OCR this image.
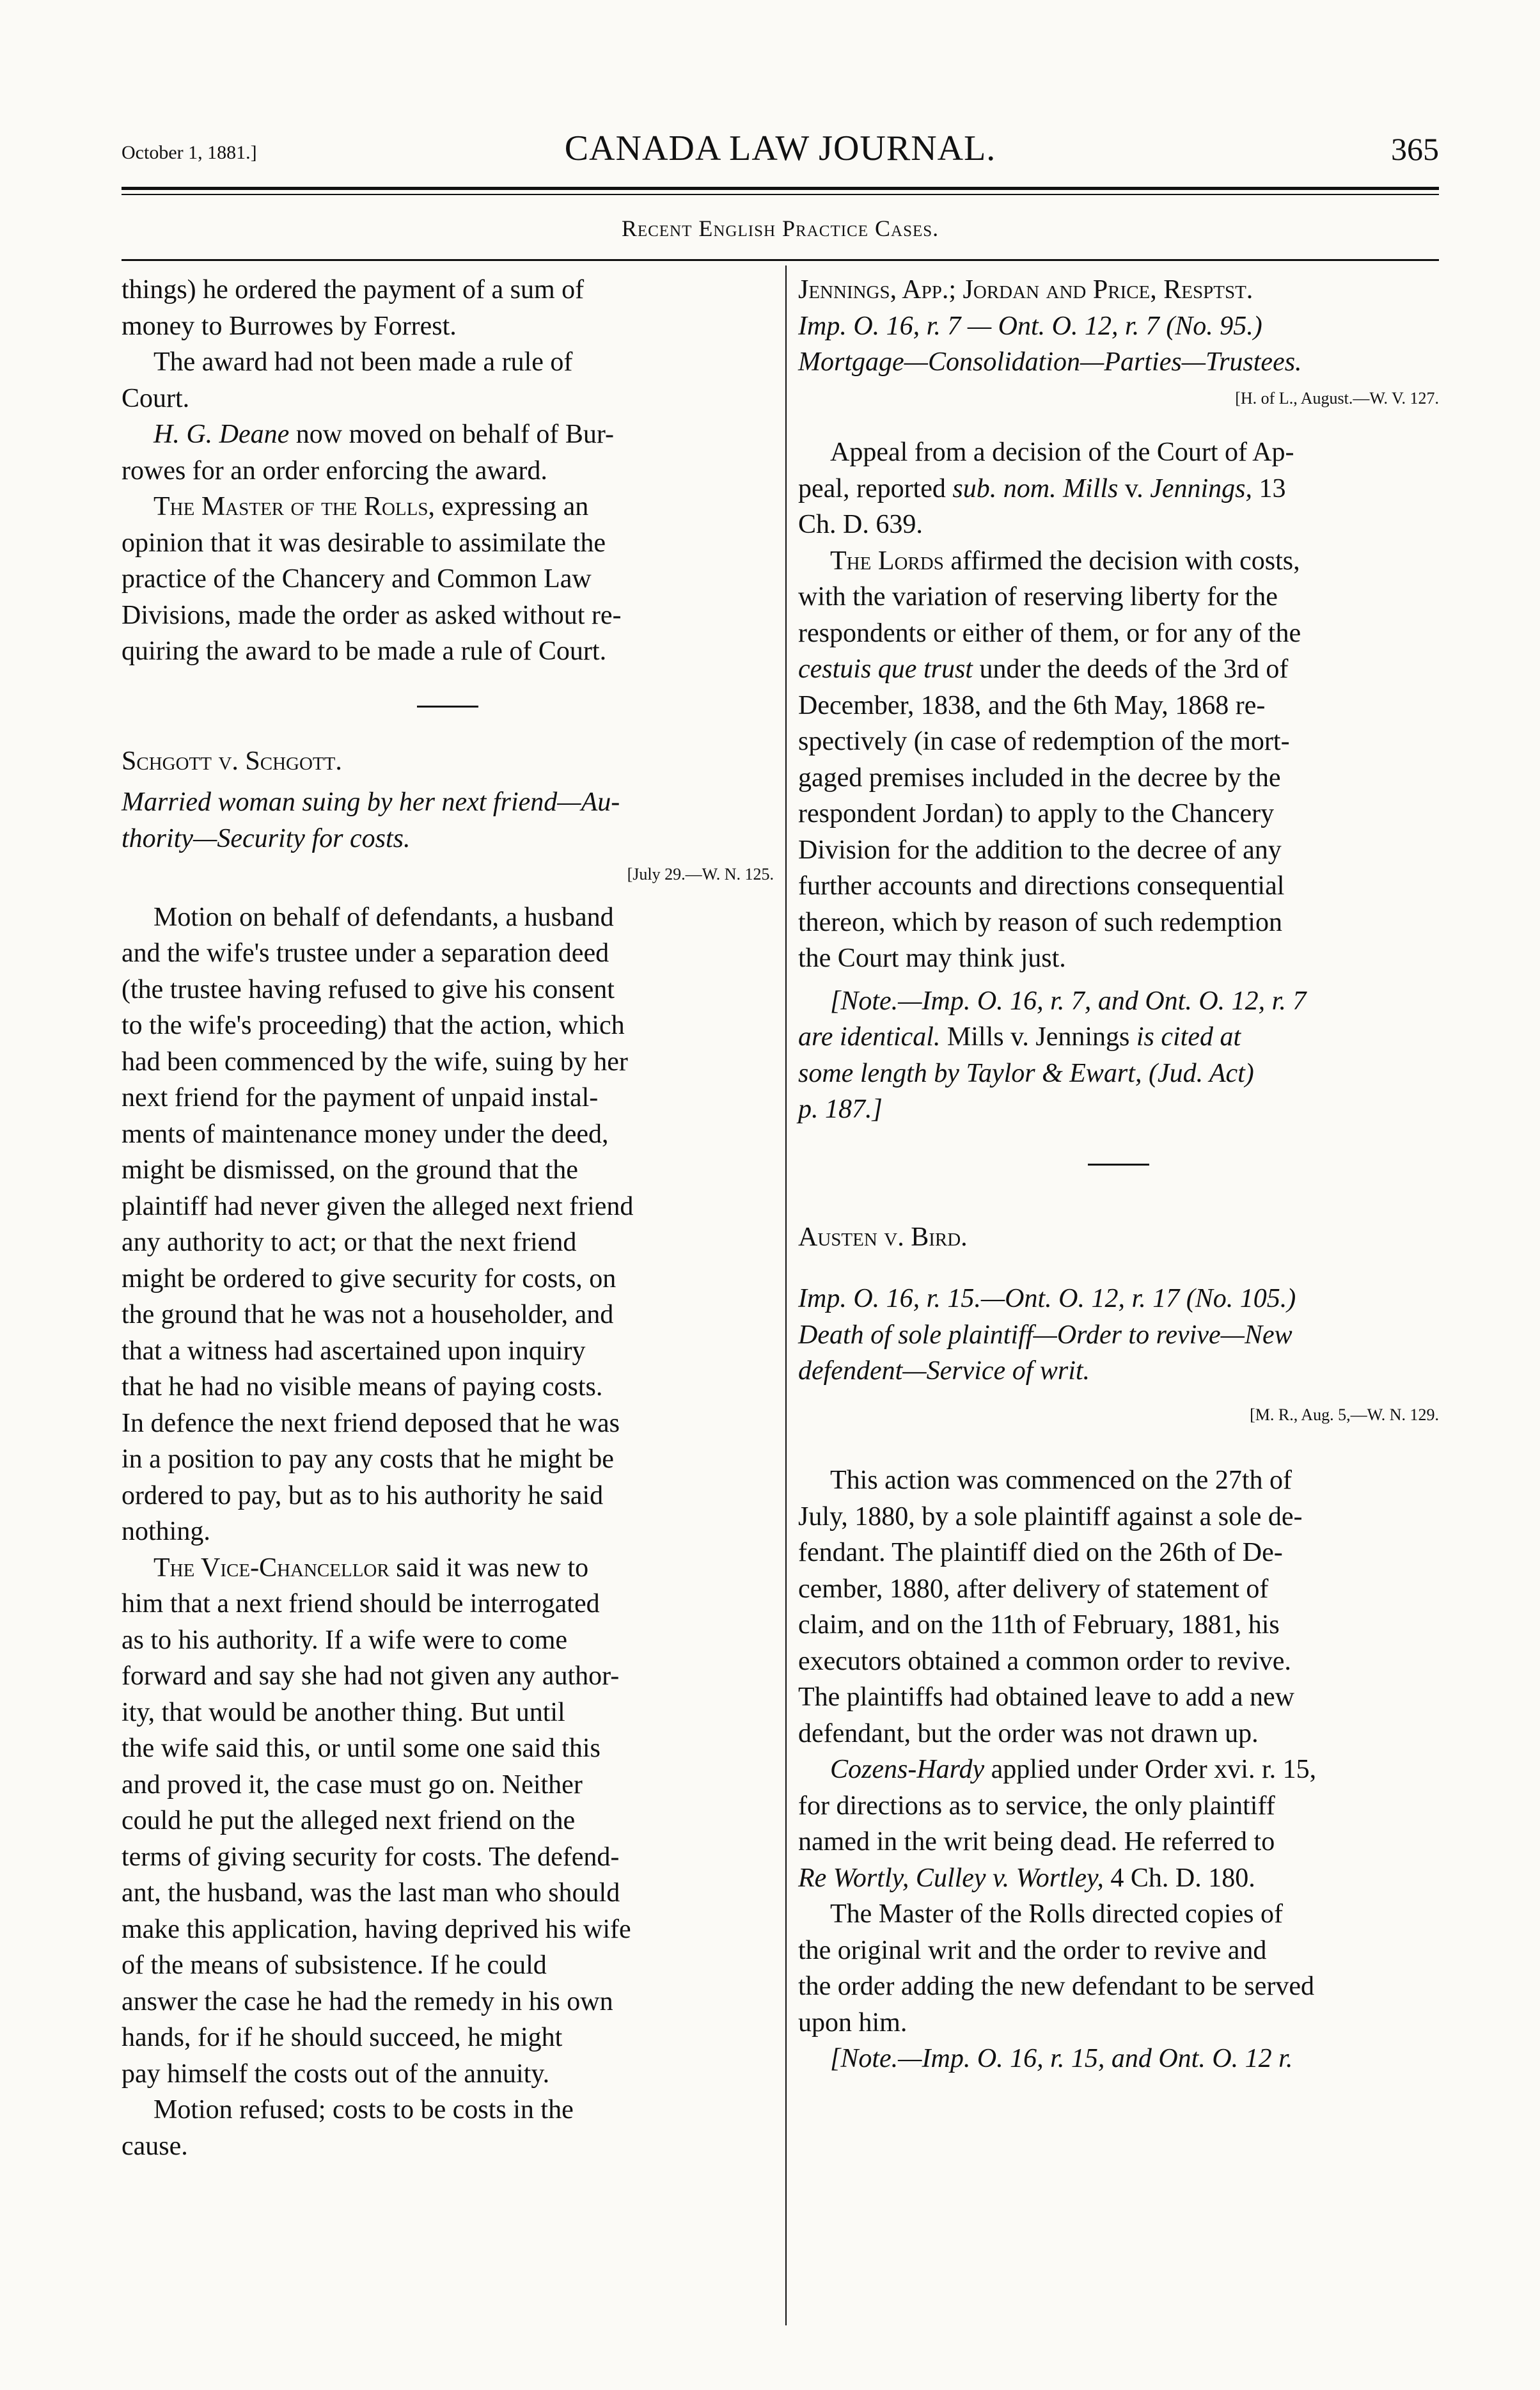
October 1, 1881.]	CANADA LAW JOURNAL.	365
Recent English Practice Cases.

things) he ordered the payment of a sum of

money to Burrowes by Forrest.

The award had not been made a rule of

Court.

H. G. Deane now moved on behalf of Bur-

rowes for an order enforcing the award.

The Master of the Rolls, expressing an

opinion that it was desirable to assimilate the

practice of the Chancery and Common Law

Divisions, made the order as asked without re-

quiring the award to be made a rule of Court.

Schgott v. Schgott.

Married woman suing by her next friend—Au-

thority—Security for costs.

[July 29.—W. N. 125.

Motion on behalf of defendants, a husband

and the wife's trustee under a separation deed

(the trustee having refused to give his consent

to the wife's proceeding) that the action, which

had been commenced by the wife, suing by her

next friend for the payment of unpaid instal-

ments of maintenance money under the deed,

might be dismissed, on the ground that the

plaintiff had never given the alleged next friend

any authority to act; or that the next friend

might be ordered to give security for costs, on

the ground that he was not a householder, and

that a witness had ascertained upon inquiry

that he had no visible means of paying costs.

In defence the next friend deposed that he was

in a position to pay any costs that he might be

ordered to pay, but as to his authority he said

nothing.

The Vice-Chancellor said it was new to

him that a next friend should be interrogated

as to his authority. If a wife were to come

forward and say she had not given any author-

ity, that would be another thing. But until

the wife said this, or until some one said this

and proved it, the case must go on. Neither

could he put the alleged next friend on the

terms of giving security for costs. The defend-

ant, the husband, was the last man who should

make this application, having deprived his wife

of the means of subsistence. If he could

answer the case he had the remedy in his own

hands, for if he should succeed, he might

pay himself the costs out of the annuity.

Motion refused; costs to be costs in the

cause.

Jennings, App.; Jordan and Price, Resptst.

Imp. O. 16, r. 7 — Ont. O. 12, r. 7 (No. 95.)

Mortgage—Consolidation—Parties—Trustees.

[H. of L., August.—W. V. 127.

Appeal from a decision of the Court of Ap-

peal, reported sub. nom. Mills v. Jennings, 13

Ch. D. 639.

The Lords affirmed the decision with costs,

with the variation of reserving liberty for the

respondents or either of them, or for any of the

cestuis que trust under the deeds of the 3rd of

December, 1838, and the 6th May, 1868 re-

spectively (in case of redemption of the mort-

gaged premises included in the decree by the

respondent Jordan) to apply to the Chancery

Division for the addition to the decree of any

further accounts and directions consequential

thereon, which by reason of such redemption

the Court may think just.

[Note.—Imp. O. 16, r. 7, and Ont. O. 12, r. 7

are identical. Mills v. Jennings is cited at

some length by Taylor & Ewart, (Jud. Act)

p. 187.]

Austen v. Bird.

Imp. O. 16, r. 15.—Ont. O. 12, r. 17 (No. 105.)

Death of sole plaintiff—Order to revive—New

defendent—Service of writ.

[M. R., Aug. 5,—W. N. 129.

This action was commenced on the 27th of

July, 1880, by a sole plaintiff against a sole de-

fendant. The plaintiff died on the 26th of De-

cember, 1880, after delivery of statement of

claim, and on the 11th of February, 1881, his

executors obtained a common order to revive.

The plaintiffs had obtained leave to add a new

defendant, but the order was not drawn up.

Cozens-Hardy applied under Order xvi. r. 15,

for directions as to service, the only plaintiff

named in the writ being dead. He referred to

Re Wortly, Culley v. Wortley, 4 Ch. D. 180.

The Master of the Rolls directed copies of

the original writ and the order to revive and

the order adding the new defendant to be served

upon him.

[Note.—Imp. O. 16, r. 15, and Ont. O. 12 r.
